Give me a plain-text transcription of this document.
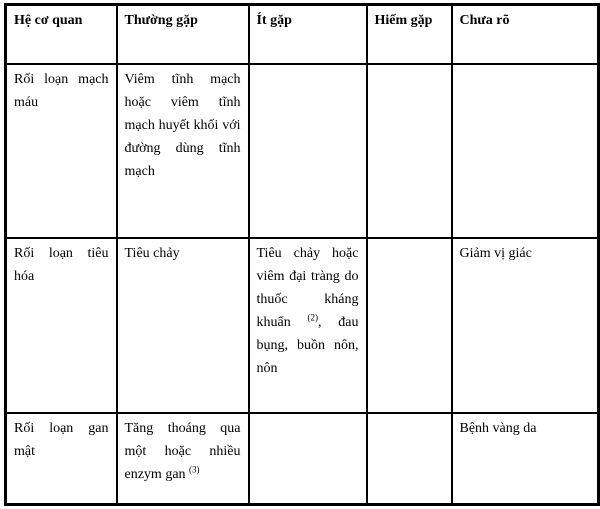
Hệ cơ quan	Thường gặp	Ít gặp	Hiếm gặp	Chưa rõ
Rối loạn mạch máu	Viêm tĩnh mạch hoặc viêm tĩnh mạch huyết khối với đường dùng tĩnh mạch			
Rối loạn tiêu hóa	Tiêu chảy	Tiêu chảy hoặc viêm đại tràng do thuốc kháng khuẩn $^{(2)}$, đau bụng, buồn nôn, nôn		Giảm vị giác
Rối loạn gan mật	Tăng thoáng qua một hoặc nhiều enzym gan $^{(3)}$			Bệnh vàng da
